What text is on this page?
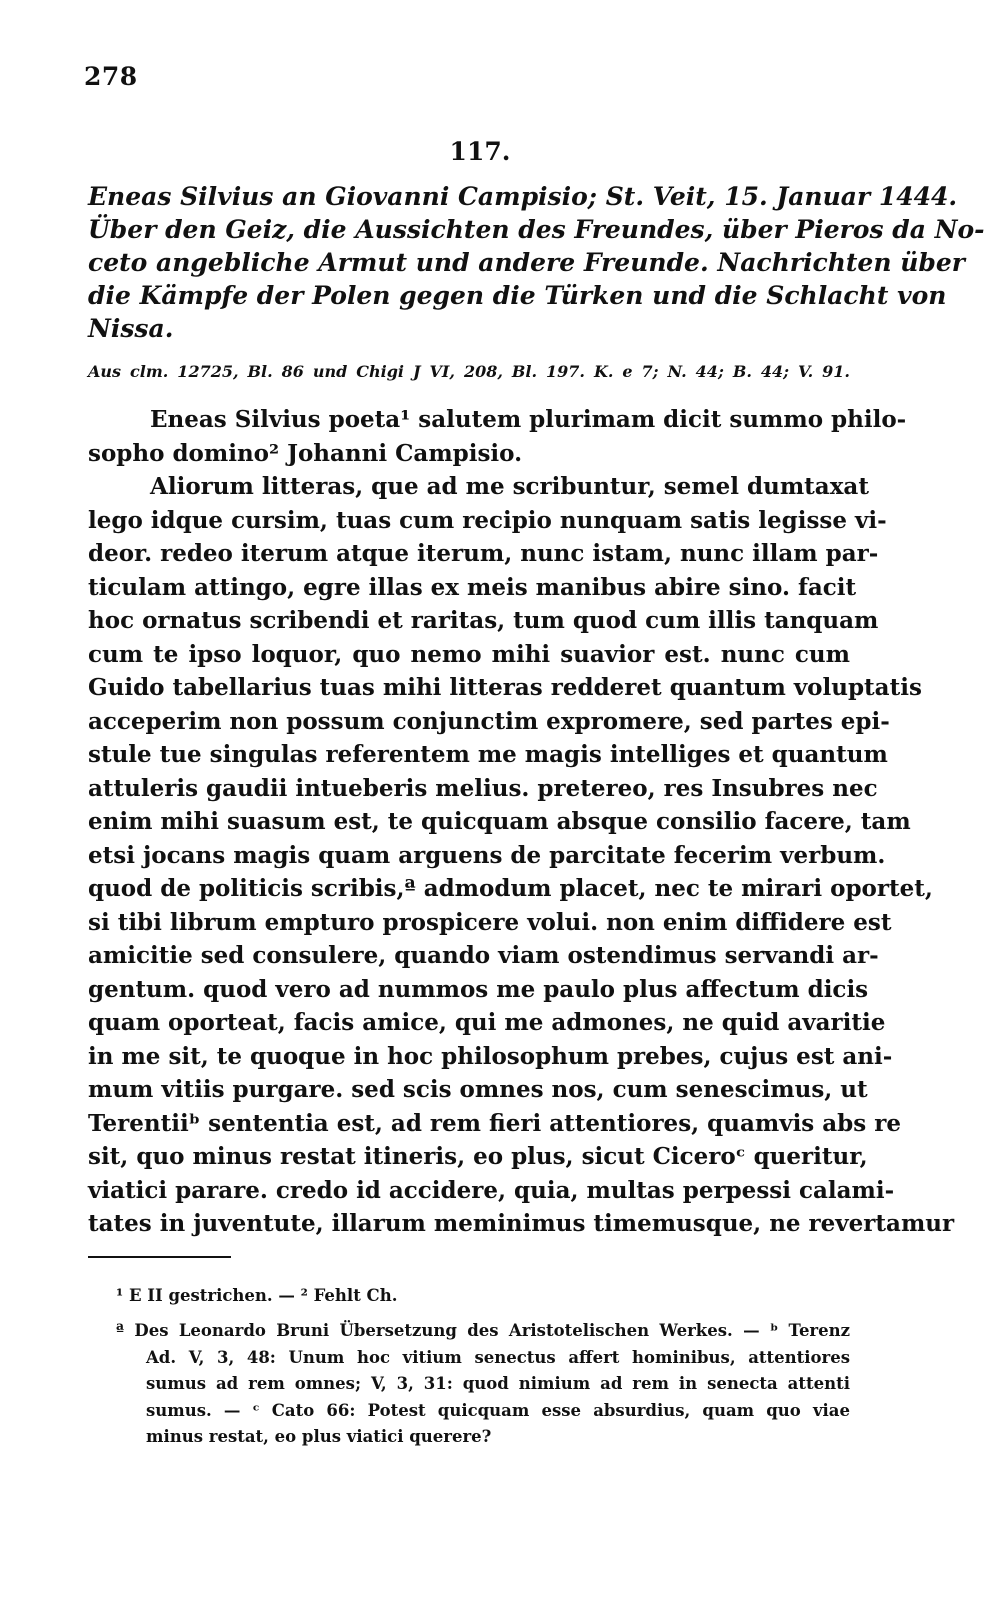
278
117.
Eneas Silvius an Giovanni Campisio; St. Veit, 15. Januar 1444.
Über den Geiz, die Aussichten des Freundes, über Pieros da No-
ceto angebliche Armut und andere Freunde. Nachrichten über
die Kämpfe der Polen gegen die Türken und die Schlacht von
Nissa.
Aus clm. 12725, Bl. 86 und Chigi J VI, 208, Bl. 197. K. e 7; N. 44; B. 44; V. 91.
Eneas Silvius poeta¹ salutem plurimam dicit summo philo-
sopho domino² Johanni Campisio.
Aliorum litteras, que ad me scribuntur, semel dumtaxat
lego idque cursim, tuas cum recipio nunquam satis legisse vi-
deor. redeo iterum atque iterum, nunc istam, nunc illam par-
ticulam attingo, egre illas ex meis manibus abire sino. facit
hoc ornatus scribendi et raritas, tum quod cum illis tanquam
cum te ipso loquor, quo nemo mihi suavior est. nunc cum
Guido tabellarius tuas mihi litteras redderet quantum voluptatis
acceperim non possum conjunctim expromere, sed partes epi-
stule tue singulas referentem me magis intelliges et quantum
attuleris gaudii intueberis melius. pretereo, res Insubres nec
enim mihi suasum est, te quicquam absque consilio facere, tam
etsi jocans magis quam arguens de parcitate fecerim verbum.
quod de politicis scribis,ª admodum placet, nec te mirari oportet,
si tibi librum empturo prospicere volui. non enim diffidere est
amicitie sed consulere, quando viam ostendimus servandi ar-
gentum. quod vero ad nummos me paulo plus affectum dicis
quam oporteat, facis amice, qui me admones, ne quid avaritie
in me sit, te quoque in hoc philosophum prebes, cujus est ani-
mum vitiis purgare. sed scis omnes nos, cum senescimus, ut
Terentiiᵇ sententia est, ad rem fieri attentiores, quamvis abs re
sit, quo minus restat itineris, eo plus, sicut Ciceroᶜ queritur,
viatici parare. credo id accidere, quia, multas perpessi calami-
tates in juventute, illarum meminimus timemusque, ne revertamur
¹ E II gestrichen. — ² Fehlt Ch.
ª Des Leonardo Bruni Übersetzung des Aristotelischen Werkes. — ᵇ Terenz
Ad. V, 3, 48: Unum hoc vitium senectus affert hominibus, attentiores
sumus ad rem omnes; V, 3, 31: quod nimium ad rem in senecta attenti
sumus. — ᶜ Cato 66: Potest quicquam esse absurdius, quam quo viae
minus restat, eo plus viatici querere?
